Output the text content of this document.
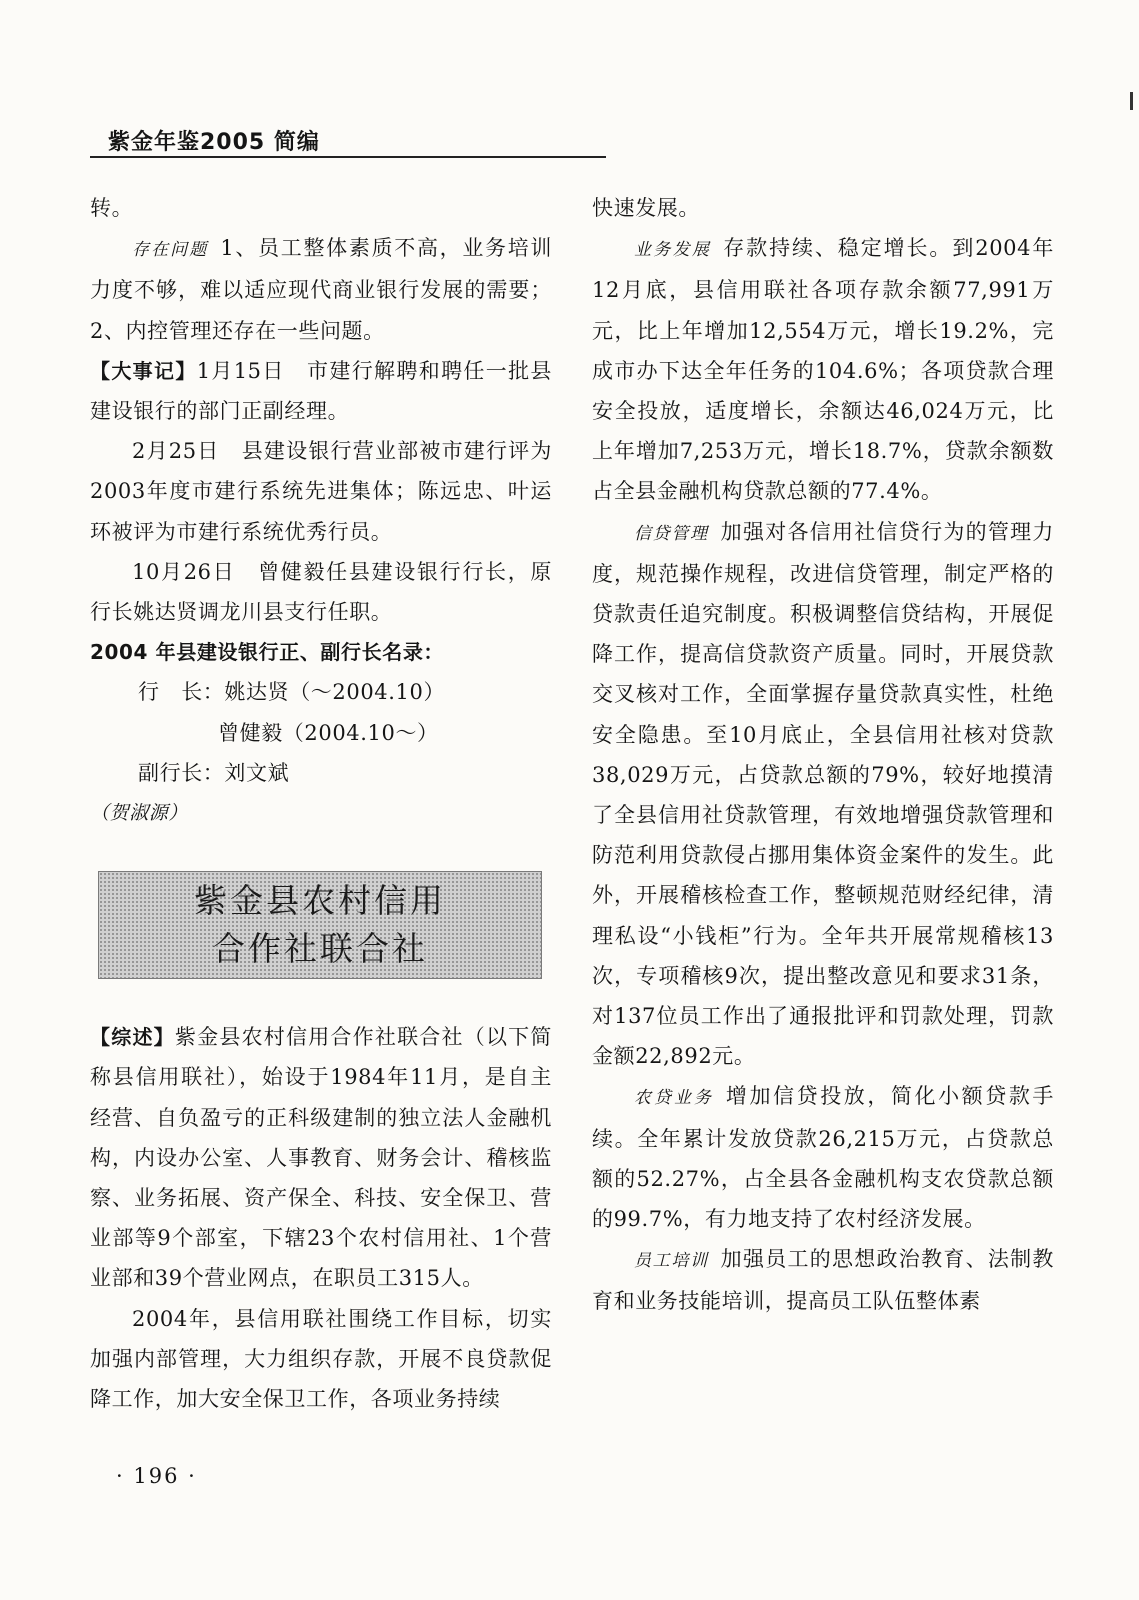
紫金年鉴2005 简编

转。

存在问题 1、员工整体素质不高，业务培训力度不够，难以适应现代商业银行发展的需要；2、内控管理还存在一些问题。

【大事记】1月15日　市建行解聘和聘任一批县建设银行的部门正副经理。

2月25日　县建设银行营业部被市建行评为2003年度市建行系统先进集体；陈远忠、叶运环被评为市建行系统优秀行员。

10月26日　曾健毅任县建设银行行长，原行长姚达贤调龙川县支行任职。

2004 年县建设银行正、副行长名录：

行　长：姚达贤（～2004.10）

曾健毅（2004.10～）

副行长：刘文斌

（贺淑源）

紫金县农村信用
合作社联合社

【综述】紫金县农村信用合作社联合社（以下简称县信用联社），始设于1984年11月，是自主经营、自负盈亏的正科级建制的独立法人金融机构，内设办公室、人事教育、财务会计、稽核监察、业务拓展、资产保全、科技、安全保卫、营业部等9个部室，下辖23个农村信用社、1个营业部和39个营业网点，在职员工315人。

2004年，县信用联社围绕工作目标，切实加强内部管理，大力组织存款，开展不良贷款促降工作，加大安全保卫工作，各项业务持续

快速发展。

业务发展 存款持续、稳定增长。到2004年12月底，县信用联社各项存款余额77,991万元，比上年增加12,554万元，增长19.2%，完成市办下达全年任务的104.6%；各项贷款合理安全投放，适度增长，余额达46,024万元，比上年增加7,253万元，增长18.7%，贷款余额数占全县金融机构贷款总额的77.4%。

信贷管理 加强对各信用社信贷行为的管理力度，规范操作规程，改进信贷管理，制定严格的贷款责任追究制度。积极调整信贷结构，开展促降工作，提高信贷款资产质量。同时，开展贷款交叉核对工作，全面掌握存量贷款真实性，杜绝安全隐患。至10月底止，全县信用社核对贷款38,029万元，占贷款总额的79%，较好地摸清了全县信用社贷款管理，有效地增强贷款管理和防范利用贷款侵占挪用集体资金案件的发生。此外，开展稽核检查工作，整顿规范财经纪律，清理私设“小钱柜”行为。全年共开展常规稽核13次，专项稽核9次，提出整改意见和要求31条，对137位员工作出了通报批评和罚款处理，罚款金额22,892元。

农贷业务 增加信贷投放，简化小额贷款手续。全年累计发放贷款26,215万元，占贷款总额的52.27%，占全县各金融机构支农贷款总额的99.7%，有力地支持了农村经济发展。

员工培训 加强员工的思想政治教育、法制教育和业务技能培训，提高员工队伍整体素

· 196 ·
